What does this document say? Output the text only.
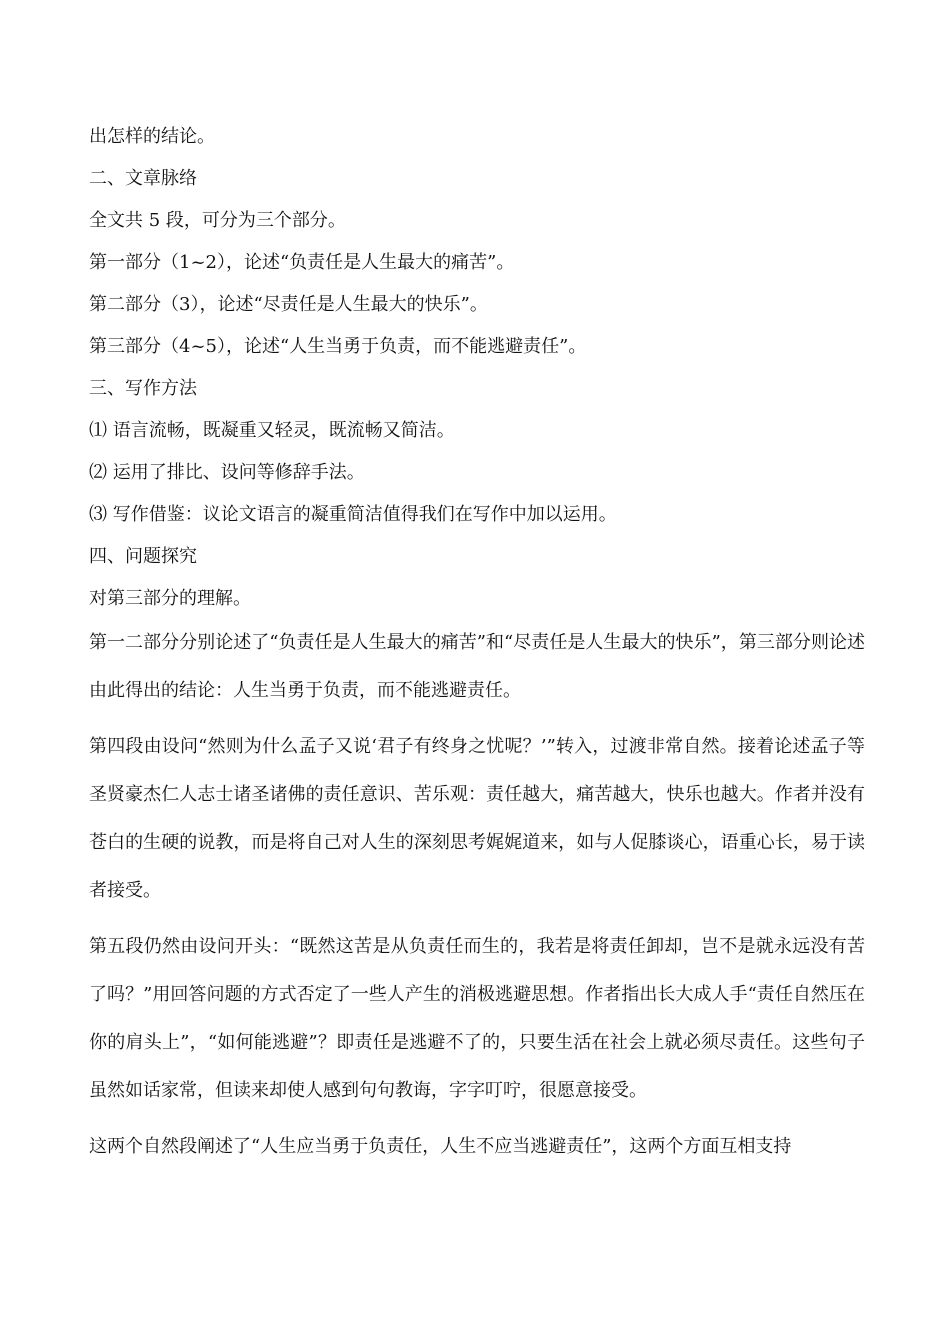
出怎样的结论。

二、文章脉络

全文共 5 段，可分为三个部分。

第一部分（1~2），论述“负责任是人生最大的痛苦”。

第二部分（3），论述“尽责任是人生最大的快乐”。

第三部分（4~5），论述“人生当勇于负责，而不能逃避责任”。

三、写作方法

⑴ 语言流畅，既凝重又轻灵，既流畅又简洁。

⑵ 运用了排比、设问等修辞手法。

⑶ 写作借鉴：议论文语言的凝重简洁值得我们在写作中加以运用。

四、问题探究

对第三部分的理解。

第一二部分分别论述了“负责任是人生最大的痛苦”和“尽责任是人生最大的快乐”，第三部分则论述由此得出的结论：人生当勇于负责，而不能逃避责任。

第四段由设问“然则为什么孟子又说‘君子有终身之忧呢？’”转入，过渡非常自然。接着论述孟子等圣贤豪杰仁人志士诸圣诸佛的责任意识、苦乐观：责任越大，痛苦越大，快乐也越大。作者并没有苍白的生硬的说教，而是将自己对人生的深刻思考娓娓道来，如与人促膝谈心，语重心长，易于读者接受。

第五段仍然由设问开头：“既然这苦是从负责任而生的，我若是将责任卸却，岂不是就永远没有苦了吗？”用回答问题的方式否定了一些人产生的消极逃避思想。作者指出长大成人手“责任自然压在你的肩头上”，“如何能逃避”？即责任是逃避不了的，只要生活在社会上就必须尽责任。这些句子虽然如话家常，但读来却使人感到句句教诲，字字叮咛，很愿意接受。

这两个自然段阐述了“人生应当勇于负责任，人生不应当逃避责任”，这两个方面互相支持
